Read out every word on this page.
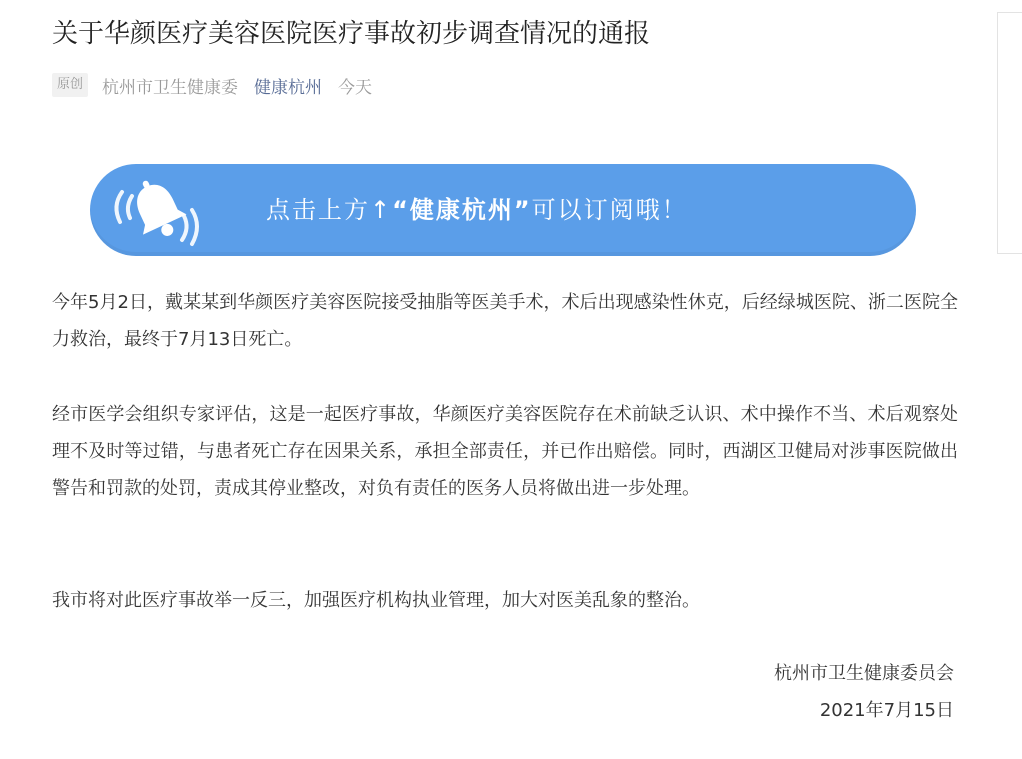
关于华颜医疗美容医院医疗事故初步调查情况的通报
原创 杭州市卫生健康委 健康杭州 今天
点击上方↑“健康杭州”可以订阅哦！

今年5月2日，戴某某到华颜医疗美容医院接受抽脂等医美手术，术后出现感染性休克，后经绿城医院、浙二医院全力救治，最终于7月13日死亡。

经市医学会组织专家评估，这是一起医疗事故，华颜医疗美容医院存在术前缺乏认识、术中操作不当、术后观察处理不及时等过错，与患者死亡存在因果关系，承担全部责任，并已作出赔偿。同时，西湖区卫健局对涉事医院做出警告和罚款的处罚，责成其停业整改，对负有责任的医务人员将做出进一步处理。

我市将对此医疗事故举一反三，加强医疗机构执业管理，加大对医美乱象的整治。

杭州市卫生健康委员会
2021年7月15日
